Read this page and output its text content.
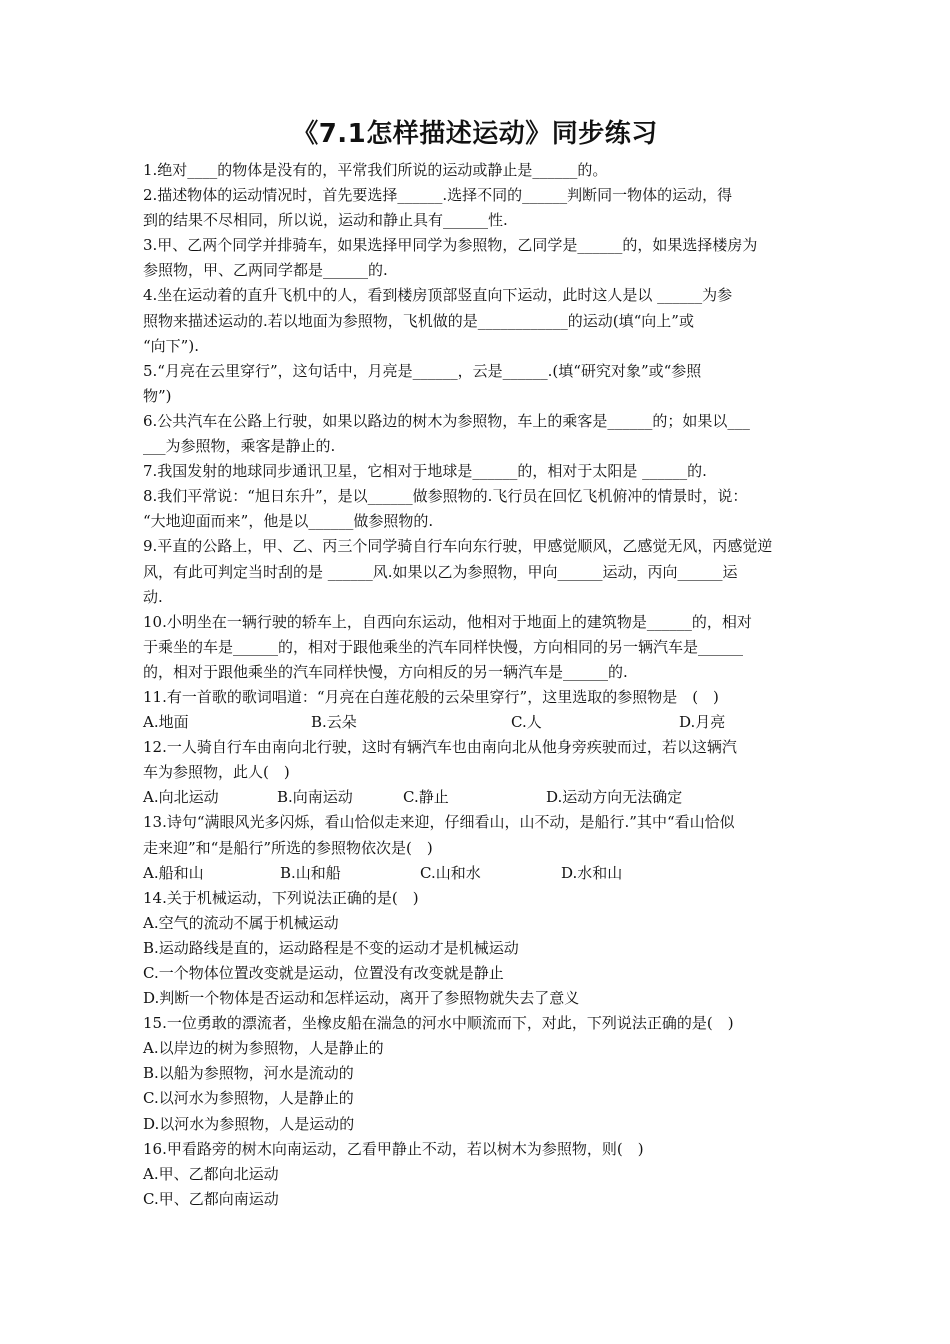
《7.1怎样描述运动》同步练习
1.绝对____的物体是没有的，平常我们所说的运动或静止是______的。
2.描述物体的运动情况时，首先要选择______.选择不同的______判断同一物体的运动，得
到的结果不尽相同，所以说，运动和静止具有______性.
3.甲、乙两个同学并排骑车，如果选择甲同学为参照物，乙同学是______的，如果选择楼房为
参照物，甲、乙两同学都是______的.
4.坐在运动着的直升飞机中的人，看到楼房顶部竖直向下运动，此时这人是以 ______为参
照物来描述运动的.若以地面为参照物，飞机做的是____________的运动(填“向上”或
“向下”).
5.“月亮在云里穿行”，这句话中，月亮是______，云是______.(填“研究对象”或“参照
物”)
6.公共汽车在公路上行驶，如果以路边的树木为参照物，车上的乘客是______的；如果以___
___为参照物，乘客是静止的.
7.我国发射的地球同步通讯卫星，它相对于地球是______的，相对于太阳是 ______的.
8.我们平常说：“旭日东升”，是以______做参照物的.飞行员在回忆飞机俯冲的情景时，说：
“大地迎面而来”，他是以______做参照物的.
9.平直的公路上，甲、乙、丙三个同学骑自行车向东行驶，甲感觉顺风，乙感觉无风，丙感觉逆
风，有此可判定当时刮的是 ______风.如果以乙为参照物，甲向______运动，丙向______运
动.
10.小明坐在一辆行驶的轿车上，自西向东运动，他相对于地面上的建筑物是______的，相对
于乘坐的车是______的，相对于跟他乘坐的汽车同样快慢，方向相同的另一辆汽车是______
的，相对于跟他乘坐的汽车同样快慢，方向相反的另一辆汽车是______的.
11.有一首歌的歌词唱道：“月亮在白莲花般的云朵里穿行”，这里选取的参照物是　(　)
A.地面	B.云朵	C.人	D.月亮
12.一人骑自行车由南向北行驶，这时有辆汽车也由南向北从他身旁疾驶而过，若以这辆汽
车为参照物，此人(　)
A.向北运动	B.向南运动	C.静止	D.运动方向无法确定
13.诗句“满眼风光多闪烁，看山恰似走来迎，仔细看山，山不动，是船行.”其中“看山恰似
走来迎”和“是船行”所选的参照物依次是(　)
A.船和山	B.山和船	C.山和水	D.水和山
14.关于机械运动，下列说法正确的是(　)
A.空气的流动不属于机械运动
B.运动路线是直的，运动路程是不变的运动才是机械运动
C.一个物体位置改变就是运动，位置没有改变就是静止
D.判断一个物体是否运动和怎样运动，离开了参照物就失去了意义
15.一位勇敢的漂流者，坐橡皮船在湍急的河水中顺流而下，对此，下列说法正确的是(　)
A.以岸边的树为参照物，人是静止的
B.以船为参照物，河水是流动的
C.以河水为参照物，人是静止的
D.以河水为参照物，人是运动的
16.甲看路旁的树木向南运动，乙看甲静止不动，若以树木为参照物，则(　)
A.甲、乙都向北运动
C.甲、乙都向南运动
